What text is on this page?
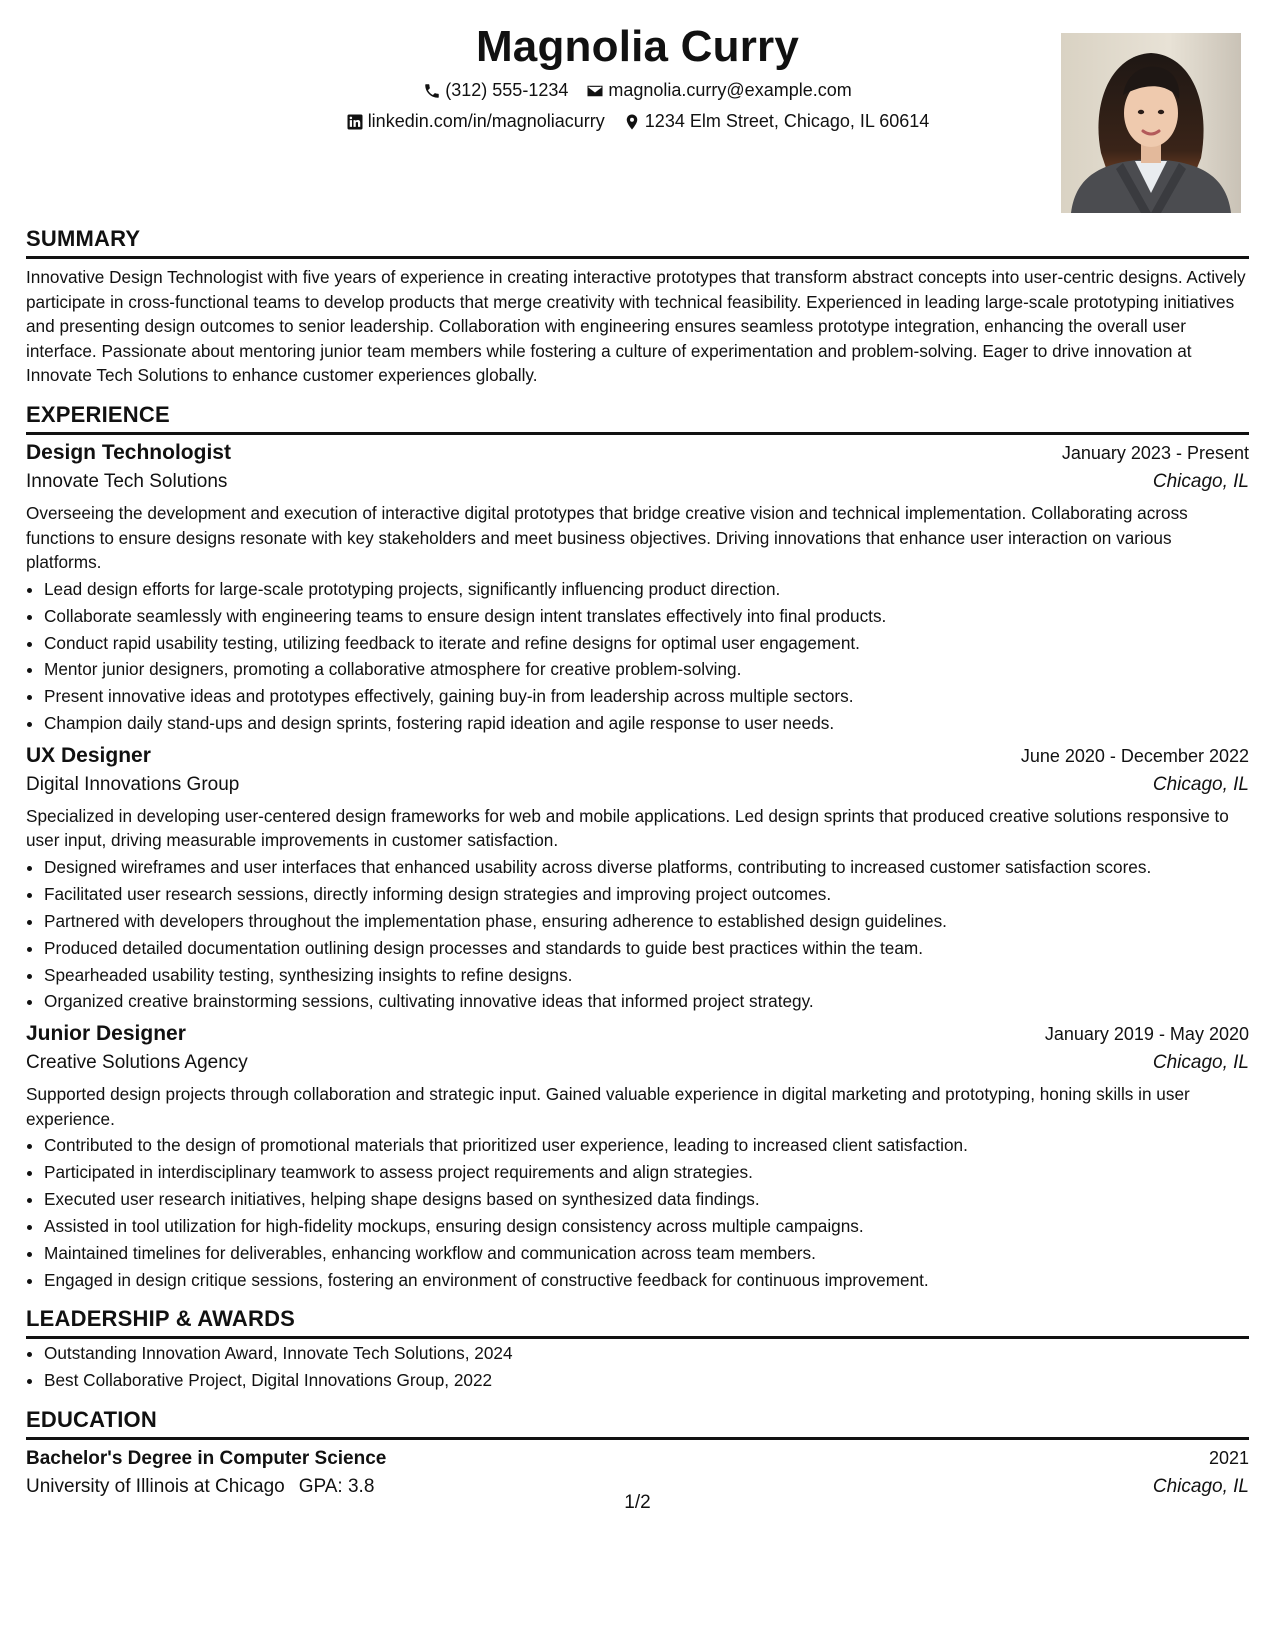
Magnolia Curry
(312) 555-1234 magnolia.curry@example.com
linkedin.com/in/magnoliacurry 1234 Elm Street, Chicago, IL 60614
SUMMARY

Innovative Design Technologist with five years of experience in creating interactive prototypes that transform abstract concepts into user-centric designs. Actively participate in cross-functional teams to develop products that merge creativity with technical feasibility. Experienced in leading large-scale prototyping initiatives and presenting design outcomes to senior leadership. Collaboration with engineering ensures seamless prototype integration, enhancing the overall user interface. Passionate about mentoring junior team members while fostering a culture of experimentation and problem-solving. Eager to drive innovation at Innovate Tech Solutions to enhance customer experiences globally.

EXPERIENCE
Design Technologist	January 2023 - Present
Innovate Tech Solutions	Chicago, IL

Overseeing the development and execution of interactive digital prototypes that bridge creative vision and technical implementation. Collaborating across functions to ensure designs resonate with key stakeholders and meet business objectives. Driving innovations that enhance user interaction on various platforms.

• Lead design efforts for large-scale prototyping projects, significantly influencing product direction.
• Collaborate seamlessly with engineering teams to ensure design intent translates effectively into final products.
• Conduct rapid usability testing, utilizing feedback to iterate and refine designs for optimal user engagement.
• Mentor junior designers, promoting a collaborative atmosphere for creative problem-solving.
• Present innovative ideas and prototypes effectively, gaining buy-in from leadership across multiple sectors.
• Champion daily stand-ups and design sprints, fostering rapid ideation and agile response to user needs.
UX Designer	June 2020 - December 2022
Digital Innovations Group	Chicago, IL

Specialized in developing user-centered design frameworks for web and mobile applications. Led design sprints that produced creative solutions responsive to user input, driving measurable improvements in customer satisfaction.

• Designed wireframes and user interfaces that enhanced usability across diverse platforms, contributing to increased customer satisfaction scores.
• Facilitated user research sessions, directly informing design strategies and improving project outcomes.
• Partnered with developers throughout the implementation phase, ensuring adherence to established design guidelines.
• Produced detailed documentation outlining design processes and standards to guide best practices within the team.
• Spearheaded usability testing, synthesizing insights to refine designs.
• Organized creative brainstorming sessions, cultivating innovative ideas that informed project strategy.
Junior Designer	January 2019 - May 2020
Creative Solutions Agency	Chicago, IL

Supported design projects through collaboration and strategic input. Gained valuable experience in digital marketing and prototyping, honing skills in user experience.

• Contributed to the design of promotional materials that prioritized user experience, leading to increased client satisfaction.
• Participated in interdisciplinary teamwork to assess project requirements and align strategies.
• Executed user research initiatives, helping shape designs based on synthesized data findings.
• Assisted in tool utilization for high-fidelity mockups, ensuring design consistency across multiple campaigns.
• Maintained timelines for deliverables, enhancing workflow and communication across team members.
• Engaged in design critique sessions, fostering an environment of constructive feedback for continuous improvement.
LEADERSHIP & AWARDS
• Outstanding Innovation Award, Innovate Tech Solutions, 2024
• Best Collaborative Project, Digital Innovations Group, 2022
EDUCATION
Bachelor's Degree in Computer Science	2021
University of Illinois at Chicago GPA: 3.8	Chicago, IL
1/2
